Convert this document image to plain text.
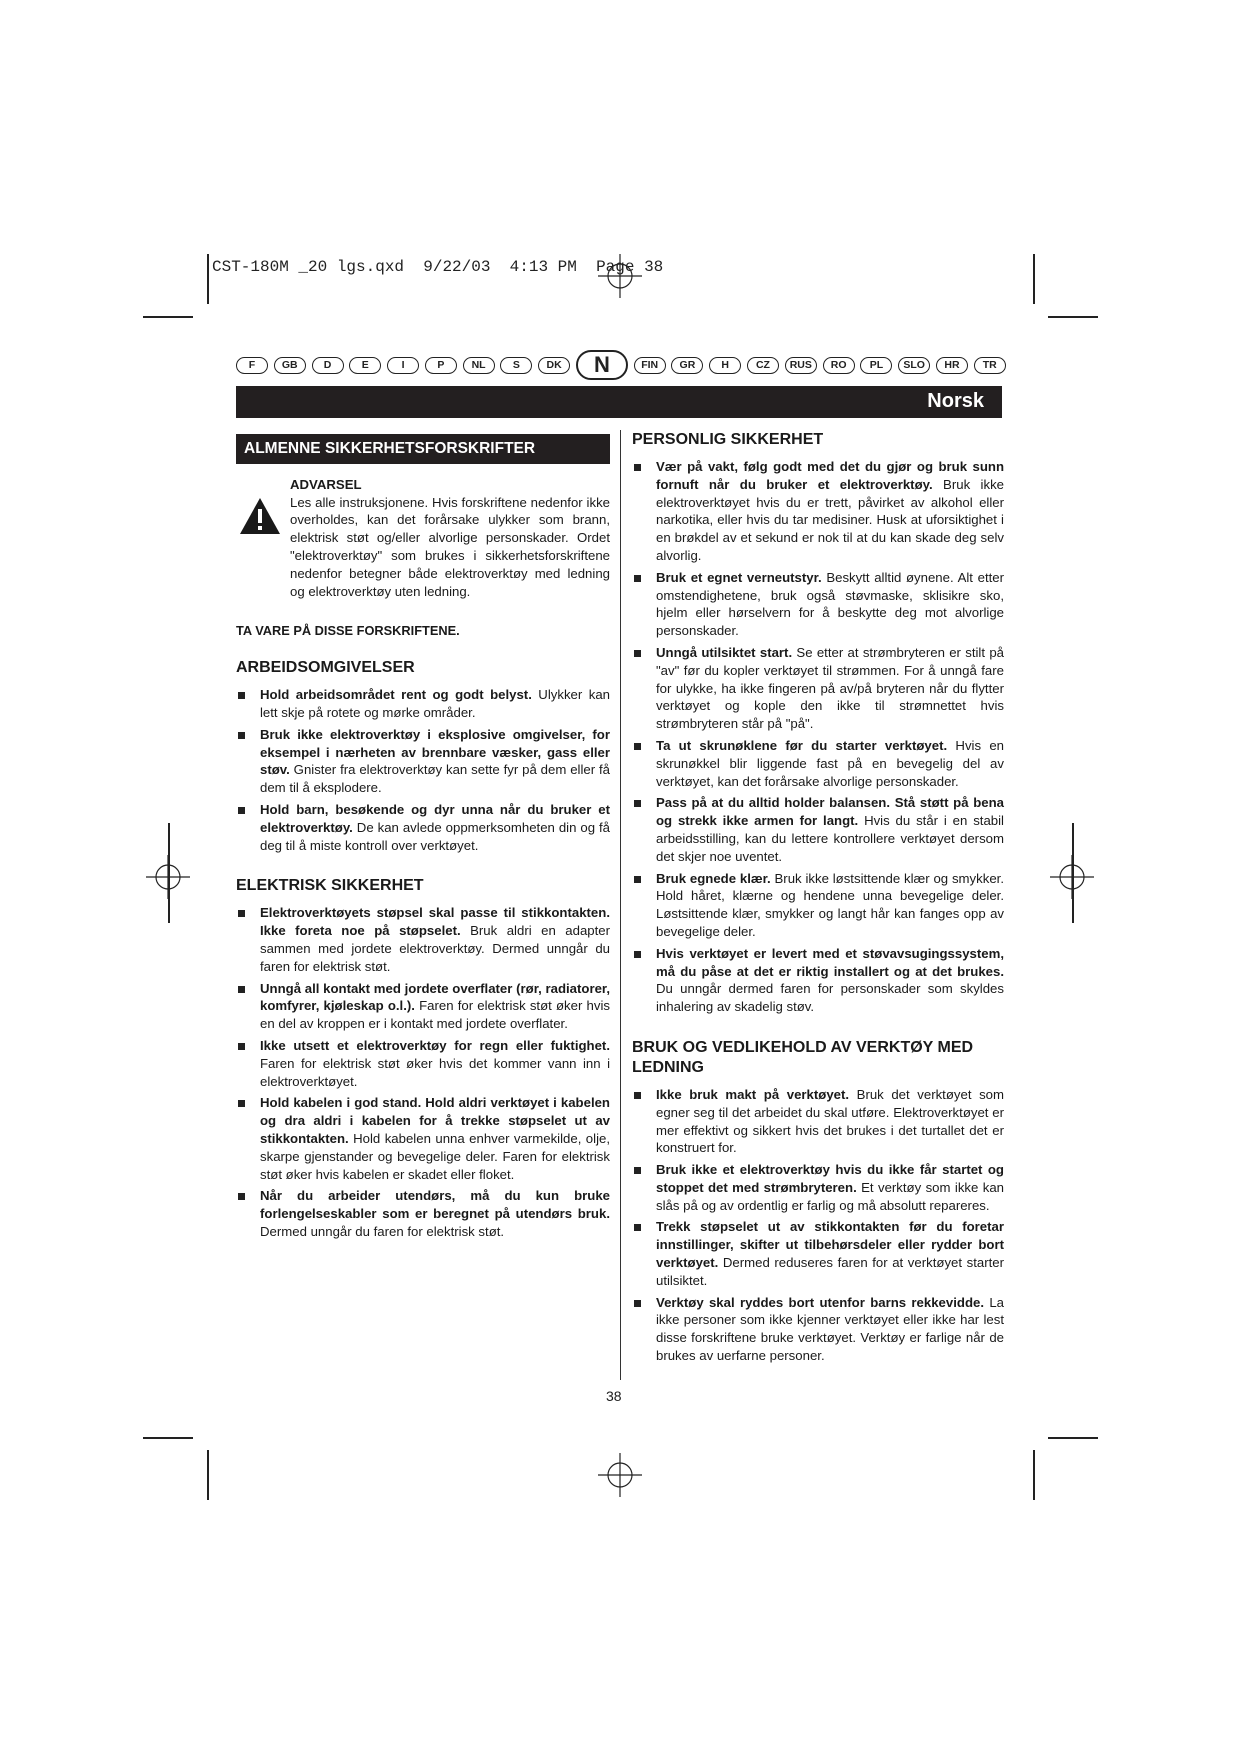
CST-180M _20 lgs.qxd  9/22/03  4:13 PM  Page 38
F	GB	D	E	I	P	NL	S	DK	N	FIN	GR	H	CZ	RUS	RO	PL	SLO	HR	TR
Norsk
ALMENNE SIKKERHETSFORSKRIFTER
ADVARSEL
Les alle instruksjonene. Hvis forskriftene nedenfor ikke overholdes, kan det forårsake ulykker som brann, elektrisk støt og/eller alvorlige personskader. Ordet "elektroverktøy" som brukes i sikkerhetsforskriftene nedenfor betegner både elektroverktøy med ledning og elektroverktøy uten ledning.
TA VARE PÅ DISSE FORSKRIFTENE.
ARBEIDSOMGIVELSER
Hold arbeidsområdet rent og godt belyst. Ulykker kan lett skje på rotete og mørke områder.
Bruk ikke elektroverktøy i eksplosive omgivelser, for eksempel i nærheten av brennbare væsker, gass eller støv. Gnister fra elektroverktøy kan sette fyr på dem eller få dem til å eksplodere.
Hold barn, besøkende og dyr unna når du bruker et elektroverktøy. De kan avlede oppmerksomheten din og få deg til å miste kontroll over verktøyet.
ELEKTRISK SIKKERHET
Elektroverktøyets støpsel skal passe til stikkontakten. Ikke foreta noe på støpselet. Bruk aldri en adapter sammen med jordete elektroverktøy. Dermed unngår du faren for elektrisk støt.
Unngå all kontakt med jordete overflater (rør, radiatorer, komfyrer, kjøleskap o.l.). Faren for elektrisk støt øker hvis en del av kroppen er i kontakt med jordete overflater.
Ikke utsett et elektroverktøy for regn eller fuktighet. Faren for elektrisk støt øker hvis det kommer vann inn i elektroverktøyet.
Hold kabelen i god stand. Hold aldri verktøyet i kabelen og dra aldri i kabelen for å trekke støpselet ut av stikkontakten. Hold kabelen unna enhver varmekilde, olje, skarpe gjenstander og bevegelige deler. Faren for elektrisk støt øker hvis kabelen er skadet eller floket.
Når du arbeider utendørs, må du kun bruke forlengelseskabler som er beregnet på utendørs bruk. Dermed unngår du faren for elektrisk støt.
PERSONLIG SIKKERHET
Vær på vakt, følg godt med det du gjør og bruk sunn fornuft når du bruker et elektroverktøy. Bruk ikke elektroverktøyet hvis du er trett, påvirket av alkohol eller narkotika, eller hvis du tar medisiner. Husk at uforsiktighet i en brøkdel av et sekund er nok til at du kan skade deg selv alvorlig.
Bruk et egnet verneutstyr. Beskytt alltid øynene. Alt etter omstendighetene, bruk også støvmaske, sklisikre sko, hjelm eller hørselvern for å beskytte deg mot alvorlige personskader.
Unngå utilsiktet start. Se etter at strømbryteren er stilt på "av" før du kopler verktøyet til strømmen. For å unngå fare for ulykke, ha ikke fingeren på av/på bryteren når du flytter verktøyet og kople den ikke til strømnettet hvis strømbryteren står på "på".
Ta ut skrunøklene før du starter verktøyet. Hvis en skrunøkkel blir liggende fast på en bevegelig del av verktøyet, kan det forårsake alvorlige personskader.
Pass på at du alltid holder balansen. Stå støtt på bena og strekk ikke armen for langt. Hvis du står i en stabil arbeidsstilling, kan du lettere kontrollere verktøyet dersom det skjer noe uventet.
Bruk egnede klær. Bruk ikke løstsittende klær og smykker. Hold håret, klærne og hendene unna bevegelige deler. Løstsittende klær, smykker og langt hår kan fanges opp av bevegelige deler.
Hvis verktøyet er levert med et støvavsugingssystem, må du påse at det er riktig installert og at det brukes. Du unngår dermed faren for personskader som skyldes inhalering av skadelig støv.
BRUK OG VEDLIKEHOLD AV VERKTØY MED LEDNING
Ikke bruk makt på verktøyet. Bruk det verktøyet som egner seg til det arbeidet du skal utføre. Elektroverktøyet er mer effektivt og sikkert hvis det brukes i det turtallet det er konstruert for.
Bruk ikke et elektroverktøy hvis du ikke får startet og stoppet det med strømbryteren. Et verktøy som ikke kan slås på og av ordentlig er farlig og må absolutt repareres.
Trekk støpselet ut av stikkontakten før du foretar innstillinger, skifter ut tilbehørsdeler eller rydder bort verktøyet. Dermed reduseres faren for at verktøyet starter utilsiktet.
Verktøy skal ryddes bort utenfor barns rekkevidde. La ikke personer som ikke kjenner verktøyet eller ikke har lest disse forskriftene bruke verktøyet. Verktøy er farlige når de brukes av uerfarne personer.
38
